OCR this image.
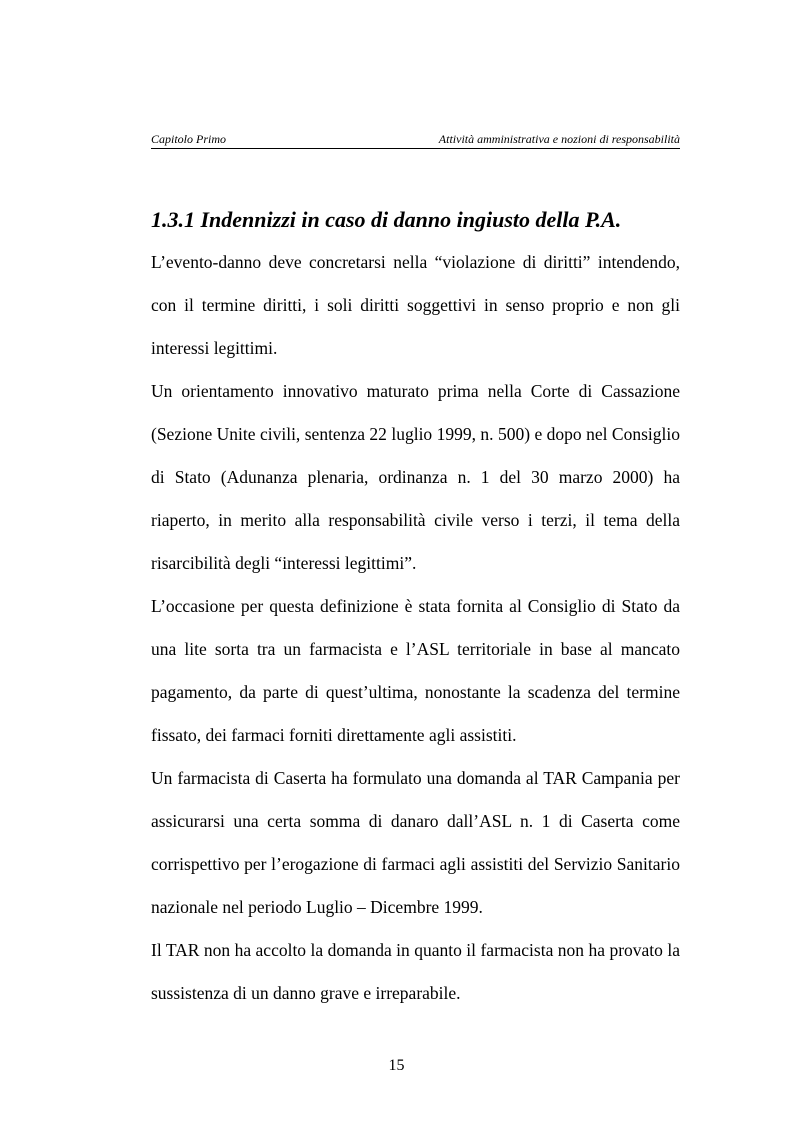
Capitolo Primo	Attività amministrativa e nozioni di responsabilità
1.3.1 Indennizzi in caso di danno ingiusto della P.A.

L’evento-danno deve concretarsi nella “violazione di diritti” intendendo, con il termine diritti, i soli diritti soggettivi in senso proprio e non gli interessi legittimi.

Un orientamento innovativo maturato prima nella Corte di Cassazione (Sezione Unite civili, sentenza 22 luglio 1999, n. 500) e dopo nel Consiglio di Stato (Adunanza plenaria, ordinanza n. 1 del 30 marzo 2000) ha riaperto, in merito alla responsabilità civile verso i terzi, il tema della risarcibilità degli “interessi legittimi”.

L’occasione per questa definizione è stata fornita al Consiglio di Stato da una lite sorta tra un farmacista e l’ASL territoriale in base al mancato pagamento, da parte di quest’ultima, nonostante la scadenza del termine fissato, dei farmaci forniti direttamente agli assistiti.

Un farmacista di Caserta ha formulato una domanda al TAR Campania per assicurarsi una certa somma di danaro dall’ASL n. 1 di Caserta come corrispettivo per l’erogazione di farmaci agli assistiti del Servizio Sanitario nazionale nel periodo Luglio – Dicembre 1999.

Il TAR non ha accolto la domanda in quanto il farmacista non ha provato la sussistenza di un danno grave e irreparabile.

15
